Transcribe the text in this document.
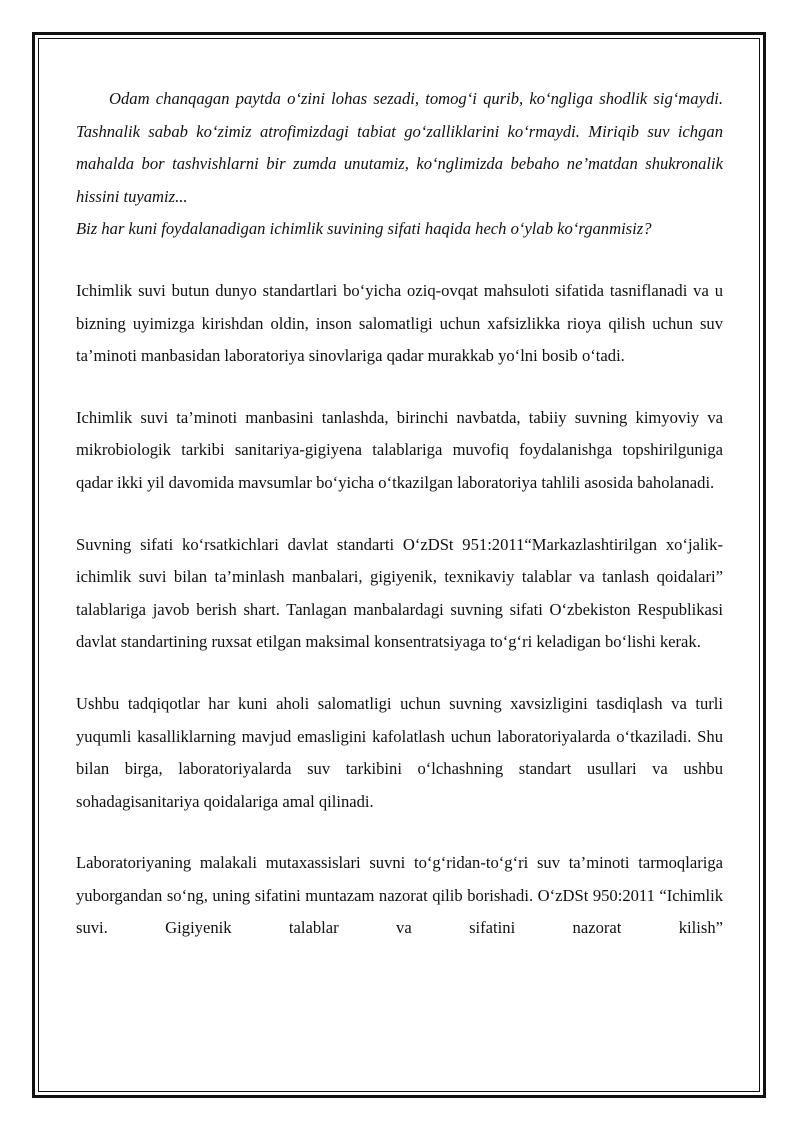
Odam chanqagan paytda o‘zini lohas sezadi, tomog‘i qurib, ko‘ngliga shodlik sig‘maydi. Tashnalik sabab ko‘zimiz atrofimizdagi tabiat go‘zalliklarini ko‘rmaydi. Miriqib suv ichgan mahalda bor tashvishlarni bir zumda unutamiz, ko‘nglimizda bebaho ne’matdan shukronalik hissini tuyamiz...

Biz har kuni foydalanadigan ichimlik suvining sifati haqida hech o‘ylab ko‘rganmisiz?

Ichimlik suvi butun dunyo standartlari bo‘yicha oziq-ovqat mahsuloti sifatida tasniflanadi va u bizning uyimizga kirishdan oldin, inson salomatligi uchun xafsizlikka rioya qilish uchun suv ta’minoti manbasidan laboratoriya sinovlariga qadar murakkab yo‘lni bosib o‘tadi.

Ichimlik suvi ta’minoti manbasini tanlashda, birinchi navbatda, tabiiy suvning kimyoviy va mikrobiologik tarkibi sanitariya-gigiyena talablariga muvofiq foydalanishga topshirilguniga qadar ikki yil davomida mavsumlar bo‘yicha o‘tkazilgan laboratoriya tahlili asosida baholanadi.

Suvning sifati ko‘rsatkichlari davlat standarti O‘zDSt 951:2011“Markazlashtirilgan xo‘jalik-ichimlik suvi bilan ta’minlash manbalari, gigiyenik, texnikaviy talablar va tanlash qoidalari” talablariga javob berish shart. Tanlagan manbalardagi suvning sifati O‘zbekiston Respublikasi davlat standartining ruxsat etilgan maksimal konsentratsiyaga to‘g‘ri keladigan bo‘lishi kerak.

Ushbu tadqiqotlar har kuni aholi salomatligi uchun suvning xavsizligini tasdiqlash va turli yuqumli kasalliklarning mavjud emasligini kafolatlash uchun laboratoriyalarda o‘tkaziladi. Shu bilan birga, laboratoriyalarda suv tarkibini o‘lchashning standart usullari va ushbu sohadagisanitariya qoidalariga amal qilinadi.

Laboratoriyaning malakali mutaxassislari suvni to‘g‘ridan-to‘g‘ri suv ta’minoti tarmoqlariga yuborgandan so‘ng, uning sifatini muntazam nazorat qilib borishadi. O‘zDSt 950:2011 “Ichimlik suvi. Gigiyenik talablar va sifatini nazorat kilish”
